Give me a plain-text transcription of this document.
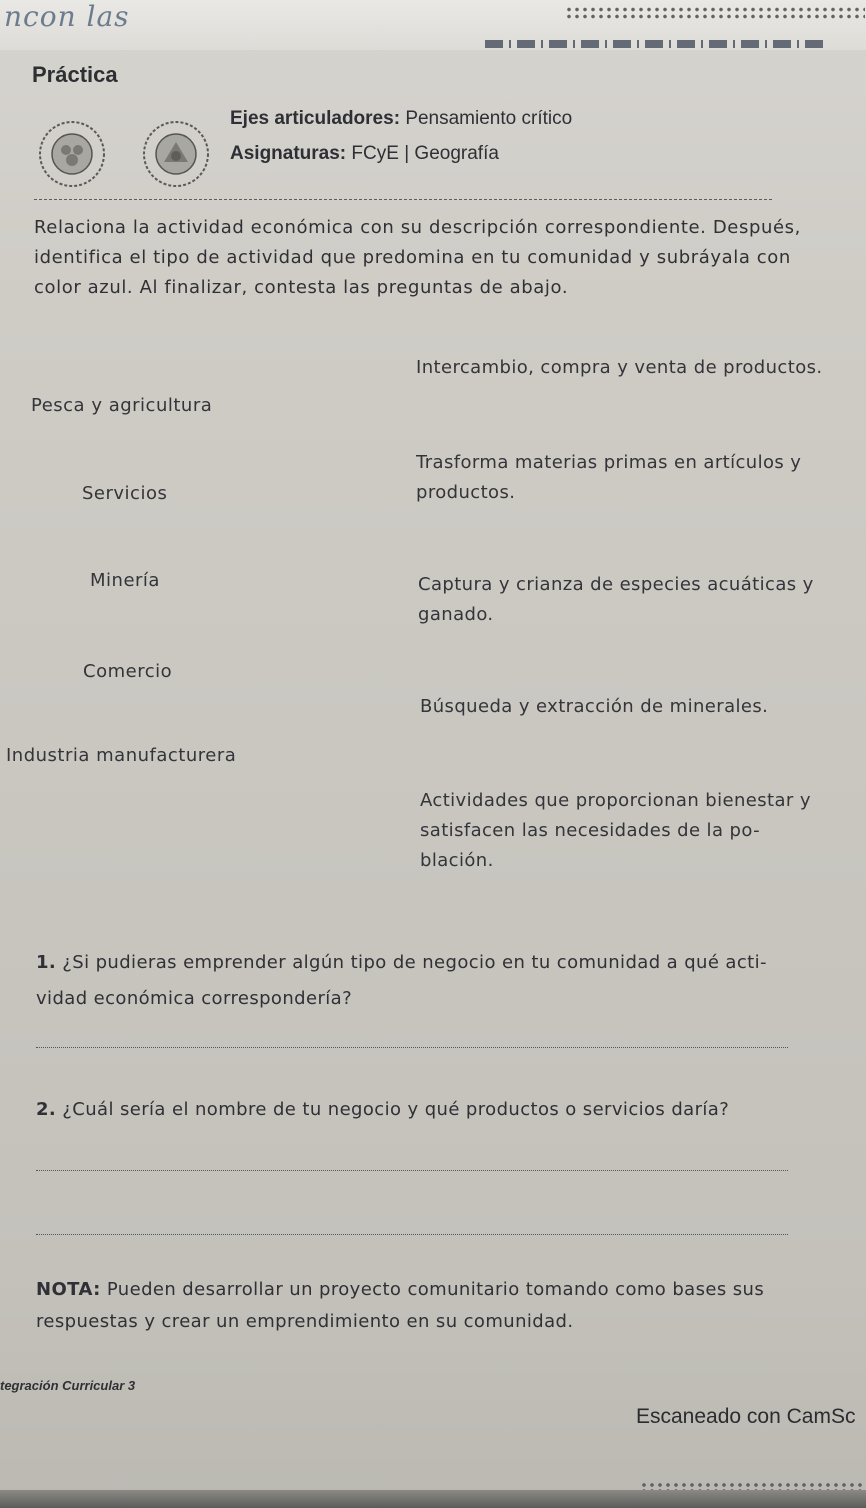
ncon las
Práctica
Ejes articuladores: Pensamiento crítico
Asignaturas: FCyE | Geografía
Relaciona la actividad económica con su descripción correspondiente. Después, identifica el tipo de actividad que predomina en tu comunidad y subráyala con color azul. Al finalizar, contesta las preguntas de abajo.
Pesca y agricultura
Servicios
Minería
Comercio
Industria manufacturera
Intercambio, compra y venta de productos.
Trasforma materias primas en artículos y productos.
Captura y crianza de especies acuáticas y ganado.
Búsqueda y extracción de minerales.
Actividades que proporcionan bienestar y satisfacen las necesidades de la po- blación.
1. ¿Si pudieras emprender algún tipo de negocio en tu comunidad a qué acti- vidad económica correspondería?
2. ¿Cuál sería el nombre de tu negocio y qué productos o servicios daría?
NOTA: Pueden desarrollar un proyecto comunitario tomando como bases sus respuestas y crear un emprendimiento en su comunidad.
tegración Curricular 3
Escaneado con CamSc
